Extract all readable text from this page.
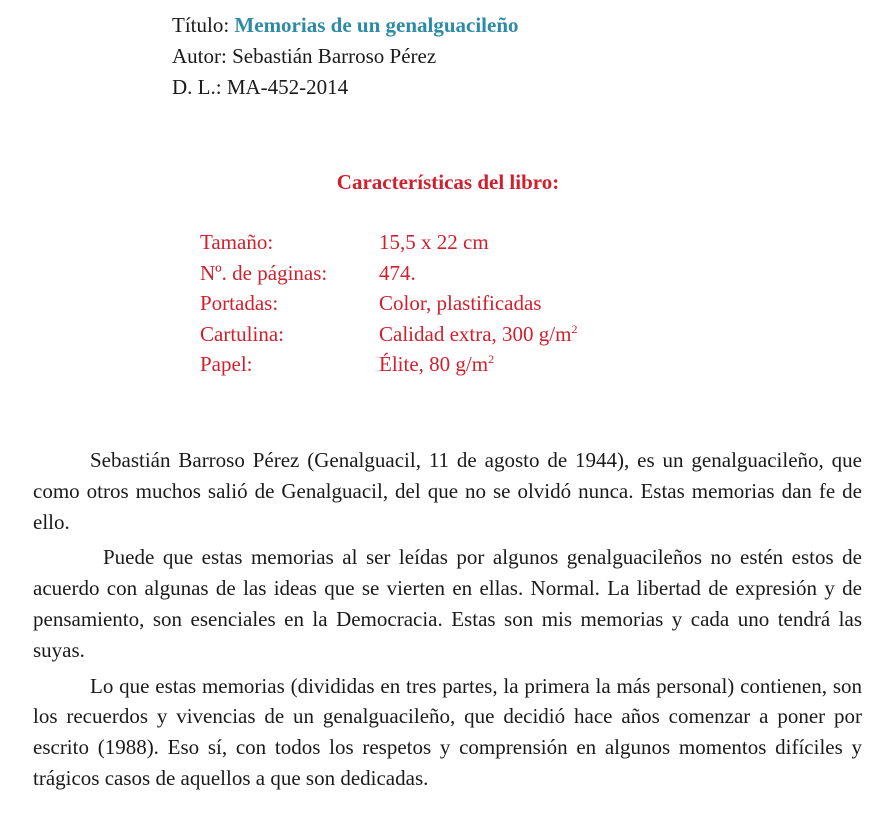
Título: Memorias de un genalguacileño
Autor: Sebastián Barroso Pérez
D. L.: MA-452-2014
Características del libro:
Tamaño:	15,5 x 22 cm
Nº. de páginas:	474.
Portadas:	Color, plastificadas
Cartulina:	Calidad extra, 300 $g/m^2$
Papel:	Élite, 80 $g/m^2$

Sebastián Barroso Pérez (Genalguacil, 11 de agosto de 1944), es un genalguacileño, que como otros muchos salió de Genalguacil, del que no se olvidó nunca. Estas memorias dan fe de ello.

Puede que estas memorias al ser leídas por algunos genalguacileños no estén estos de acuerdo con algunas de las ideas que se vierten en ellas. Normal. La libertad de expresión y de pensamiento, son esenciales en la Democracia. Estas son mis memorias y cada uno tendrá las suyas.

Lo que estas memorias (divididas en tres partes, la primera la más personal) contienen, son los recuerdos y vivencias de un genalguacileño, que decidió hace años comenzar a poner por escrito (1988). Eso sí, con todos los respetos y comprensión en algunos momentos difíciles y trágicos casos de aquellos a que son dedicadas.
